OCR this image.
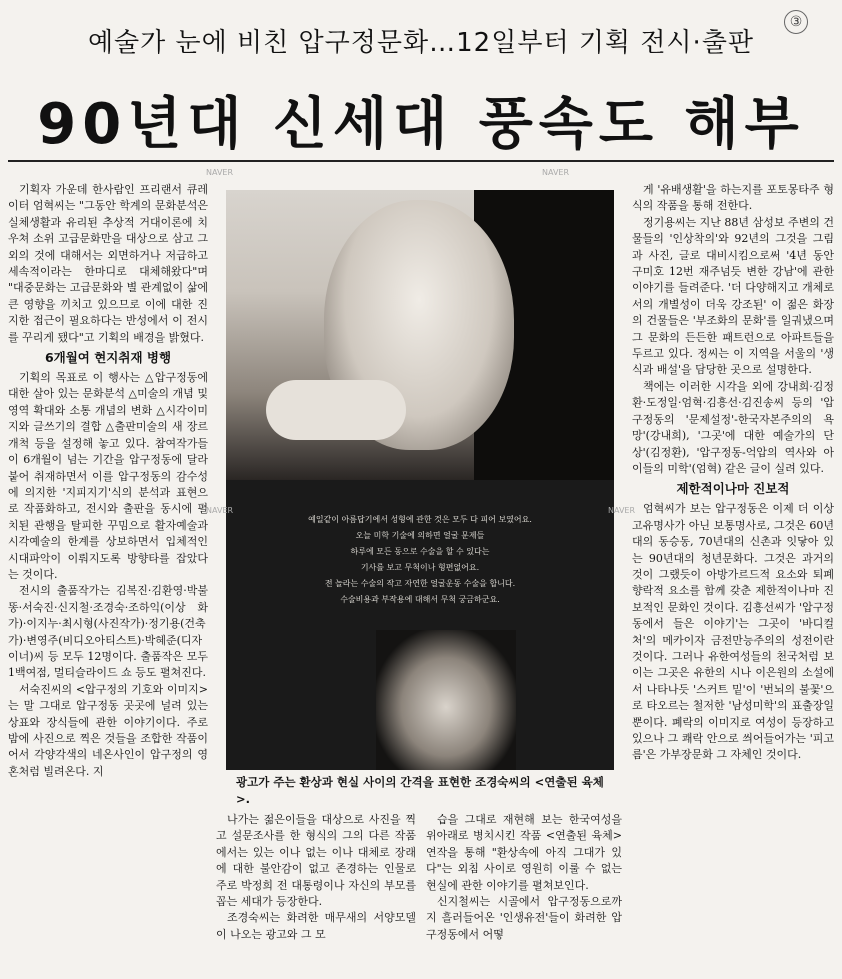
예술가 눈에 비친 압구정문화…12일부터 기획 전시·출판
③
90년대 신세대 풍속도 해부
NAVER	NAVER

기획자 가운데 한사람인 프리랜서 큐레이터 엄혁씨는 "그동안 학계의 문화분석은 실체생활과 유리된 추상적 거대이론에 치우쳐 소위 고급문화만을 대상으로 삼고 그외의 것에 대해서는 외면하거나 저급하고 세속적이라는 한마디로 대체해왔다"며 "대중문화는 고급문화와 별 관계없이 삶에 큰 영향을 끼치고 있으므로 이에 대한 진지한 접근이 필요하다는 반성에서 이 전시를 꾸리게 됐다"고 기획의 배경을 밝혔다.

6개월여 현지취재 병행

기획의 목표로 이 행사는 △압구정동에 대한 살아 있는 문화분석 △미술의 개념 및 영역 확대와 소통 개념의 변화 △시각이미지와 글쓰기의 결합 △출판미술의 새 장르 개척 등을 설정해 놓고 있다. 참여작가들이 6개월이 넘는 기간을 압구정동에 달라붙어 취재하면서 이를 압구정동의 감수성에 의지한 '지피지기'식의 분석과 표현으로 작품화하고, 전시와 출판을 동시에 펼치된 관행을 탈피한 꾸밈으로 활자예술과 시각예술의 한계를 상보하면서 입체적인 시대파악이 이뤄지도록 방향타를 잡았다는 것이다.

전시의 출품작가는 김복진·김환영·박불똥·서숙진·신지철·조경숙·조하익(이상 화가)·이지누·최시형(사진작가)·정기용(건축가)·변영주(비디오아티스트)·박혜준(디자이너)씨 등 모두 12명이다. 출품작은 모두 1백여점, 멀티슬라이드 쇼 등도 펼쳐진다.

서숙진씨의 <압구정의 기호와 이미지>는 말 그대로 압구정동 곳곳에 널려 있는 상표와 장식들에 관한 이야기이다. 주로 밤에 사진으로 찍은 것들을 조합한 작품이어서 각양각색의 네온사인이 압구정의 영혼처럼 빌려온다. 지

예일같이 아름답기에서 성형에 관한 것은 모두 다 피어 보였어요.
오늘 미학 기술에 의하면 얼굴 문제들
하루에 모든 동으로 수술을 할 수 있다는
기사를 보고 무척이나 형편없어요.
전 놀라는 수술의 작고 자연한 얼굴운동 수술을 합니다.
수술비용과 부작용에 대해서 무척 궁금하군요.
NAVER	NAVER
광고가 주는 환상과 현실 사이의 간격을 표현한 조경숙씨의 <연출된 육체>.

나가는 젊은이들을 대상으로 사진을 찍고 설문조사를 한 형식의 그의 다른 작품에서는 있는 이나 없는 이나 대체로 장래에 대한 불안감이 없고 존경하는 인물로 주로 박정희 전 대통령이나 자신의 부모를 꼽는 세대가 등장한다.

조경숙씨는 화려한 매무새의 서양모델이 나오는 광고와 그 모

습을 그대로 재현해 보는 한국여성을 위아래로 병치시킨 작품 <연출된 육체> 연작을 통해 "환상속에 아직 그대가 있다"는 외침 사이로 영원히 이룰 수 없는 현실에 관한 이야기를 펼쳐보인다.

신지철씨는 시골에서 압구정동으로까지 흘러들어온 '인생유전'들이 화려한 압구정동에서 어떻

게 '유배생활'을 하는지를 포토몽타주 형식의 작품을 통해 전한다.

정기용씨는 지난 88년 삼성보 주변의 건물들의 '인상착의'와 92년의 그것을 그림과 사진, 글로 대비시킴으로써 '4년 동안 구미호 12번 재주넘듯 변한 강남'에 관한 이야기를 들려준다. '더 다양해지고 개체로서의 개별성이 더욱 강조된' 이 젊은 화장의 건물들은 '부조화의 문화'를 일궈냈으며 그 문화의 든든한 패트런으로 아파트들을 두르고 있다. 정씨는 이 지역을 서울의 '생식과 배설'을 담당한 곳으로 설명한다.

책에는 이러한 시각을 외에 강내희·김정환·도정일·엄혁·김흥선·김진송씨 등의 '압구정동의 '문제설정'-한국자본주의의 욕망'(강내희), '그곳'에 대한 예술가의 단상'(김정환), '압구정동-억압의 역사와 아이들의 미학'(엄혁) 같은 글이 실려 있다.

제한적이나마 진보적

엄혁씨가 보는 압구정동은 이제 더 이상 고유명사가 아닌 보통명사로, 그것은 60년대의 동승동, 70년대의 신촌과 잇닿아 있는 90년대의 청년문화다. 그것은 과거의 것이 그랬듯이 아방가르드적 요소와 퇴폐향락적 요소를 함께 갖춘 제한적이나마 진보적인 문화인 것이다. 김흥선씨가 '압구정동에서 들은 이야기'는 그곳이 '바디컬처'의 메카이자 금전만능주의의 성전이란 것이다. 그러나 유한여성들의 천국처럼 보이는 그곳은 유한의 시나 이은원의 소설에서 나타나듯 '스커트 밑'이 '번뇌의 불꽃'으로 타오르는 철저한 '남성미학'의 표출장일 뿐이다. 폐락의 이미지로 여성이 등장하고 있으나 그 쾌락 안으로 씌어들어가는 '피고름'은 가부장문화 그 자체인 것이다.
